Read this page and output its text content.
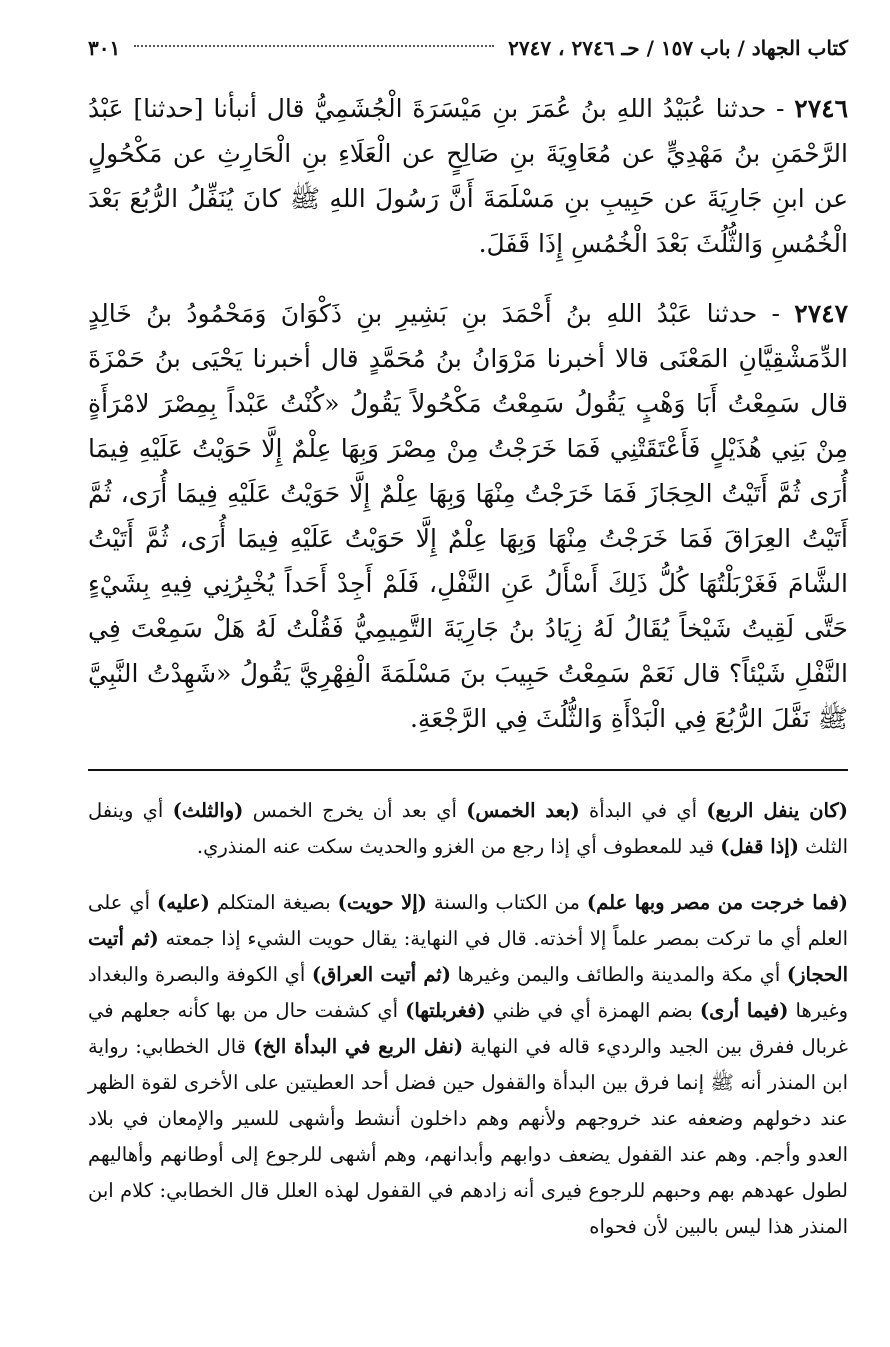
كتاب الجهاد / باب ١٥٧ / حـ ٢٧٤٦ ، ٢٧٤٧
٣٠١

٢٧٤٦ - حدثنا عُبَيْدُ اللهِ بنُ عُمَرَ بنِ مَيْسَرَةَ الْجُشَمِيُّ قال أنبأنا [حدثنا] عَبْدُ الرَّحْمَنِ بنُ مَهْدِيٍّ عن مُعَاوِيَةَ بنِ صَالِحٍ عن الْعَلَاءِ بنِ الْحَارِثِ عن مَكْحُولٍ عن ابنِ جَارِيَةَ عن حَبِيبِ بنِ مَسْلَمَةَ أَنَّ رَسُولَ اللهِ ﷺ كانَ يُنَفِّلُ الرُّبُعَ بَعْدَ الْخُمُسِ وَالثُّلُثَ بَعْدَ الْخُمُسِ إِذَا قَفَلَ.

٢٧٤٧ - حدثنا عَبْدُ اللهِ بنُ أَحْمَدَ بنِ بَشِيرِ بنِ ذَكْوَانَ وَمَحْمُودُ بنُ خَالِدٍ الدِّمَشْقِيَّانِ المَعْنَى قالا أخبرنا مَرْوَانُ بنُ مُحَمَّدٍ قال أخبرنا يَحْيَى بنُ حَمْزَةَ قال سَمِعْتُ أَبَا وَهْبٍ يَقُولُ سَمِعْتُ مَكْحُولاً يَقُولُ «كُنْتُ عَبْداً بِمِصْرَ لامْرَأَةٍ مِنْ بَنِي هُذَيْلٍ فَأَعْتَقَتْنِي فَمَا خَرَجْتُ مِنْ مِصْرَ وَبِهَا عِلْمٌ إِلَّا حَوَيْتُ عَلَيْهِ فِيمَا أُرَى ثُمَّ أَتَيْتُ الحِجَازَ فَمَا خَرَجْتُ مِنْهَا وَبِهَا عِلْمٌ إِلَّا حَوَيْتُ عَلَيْهِ فِيمَا أُرَى، ثُمَّ أَتَيْتُ العِرَاقَ فَمَا خَرَجْتُ مِنْهَا وَبِهَا عِلْمٌ إِلَّا حَوَيْتُ عَلَيْهِ فِيمَا أُرَى، ثُمَّ أَتَيْتُ الشَّامَ فَغَرْبَلْتُهَا كُلُّ ذَلِكَ أَسْأَلُ عَنِ النَّفْلِ، فَلَمْ أَجِدْ أَحَداً يُخْبِرُنِي فِيهِ بِشَيْءٍ حَتَّى لَقِيتُ شَيْخاً يُقَالُ لَهُ زِيَادُ بنُ جَارِيَةَ التَّمِيمِيُّ فَقُلْتُ لَهُ هَلْ سَمِعْتَ فِي النَّفْلِ شَيْئاً؟ قال نَعَمْ سَمِعْتُ حَبِيبَ بنَ مَسْلَمَةَ الْفِهْرِيَّ يَقُولُ «شَهِدْتُ النَّبِيَّ ﷺ نَفَّلَ الرُّبُعَ فِي الْبَدْأَةِ وَالثُّلُثَ فِي الرَّجْعَةِ.

(كان ينفل الربع) أي في البدأة (بعد الخمس) أي بعد أن يخرج الخمس (والثلث) أي وينفل الثلث (إذا قفل) قيد للمعطوف أي إذا رجع من الغزو والحديث سكت عنه المنذري.

(فما خرجت من مصر وبها علم) من الكتاب والسنة (إلا حويت) بصيغة المتكلم (عليه) أي على العلم أي ما تركت بمصر علماً إلا أخذته. قال في النهاية: يقال حويت الشيء إذا جمعته (ثم أتيت الحجاز) أي مكة والمدينة والطائف واليمن وغيرها (ثم أتيت العراق) أي الكوفة والبصرة والبغداد وغيرها (فيما أرى) بضم الهمزة أي في ظني (فغربلتها) أي كشفت حال من بها كأنه جعلهم في غربال ففرق بين الجيد والرديء قاله في النهاية (نفل الربع في البدأة الخ) قال الخطابي: رواية ابن المنذر أنه ﷺ إنما فرق بين البدأة والقفول حين فضل أحد العطيتين على الأخرى لقوة الظهر عند دخولهم وضعفه عند خروجهم ولأنهم وهم داخلون أنشط وأشهى للسير والإمعان في بلاد العدو وأجم. وهم عند القفول يضعف دوابهم وأبدانهم، وهم أشهى للرجوع إلى أوطانهم وأهاليهم لطول عهدهم بهم وحبهم للرجوع فيرى أنه زادهم في القفول لهذه العلل قال الخطابي: كلام ابن المنذر هذا ليس بالبين لأن فحواه
